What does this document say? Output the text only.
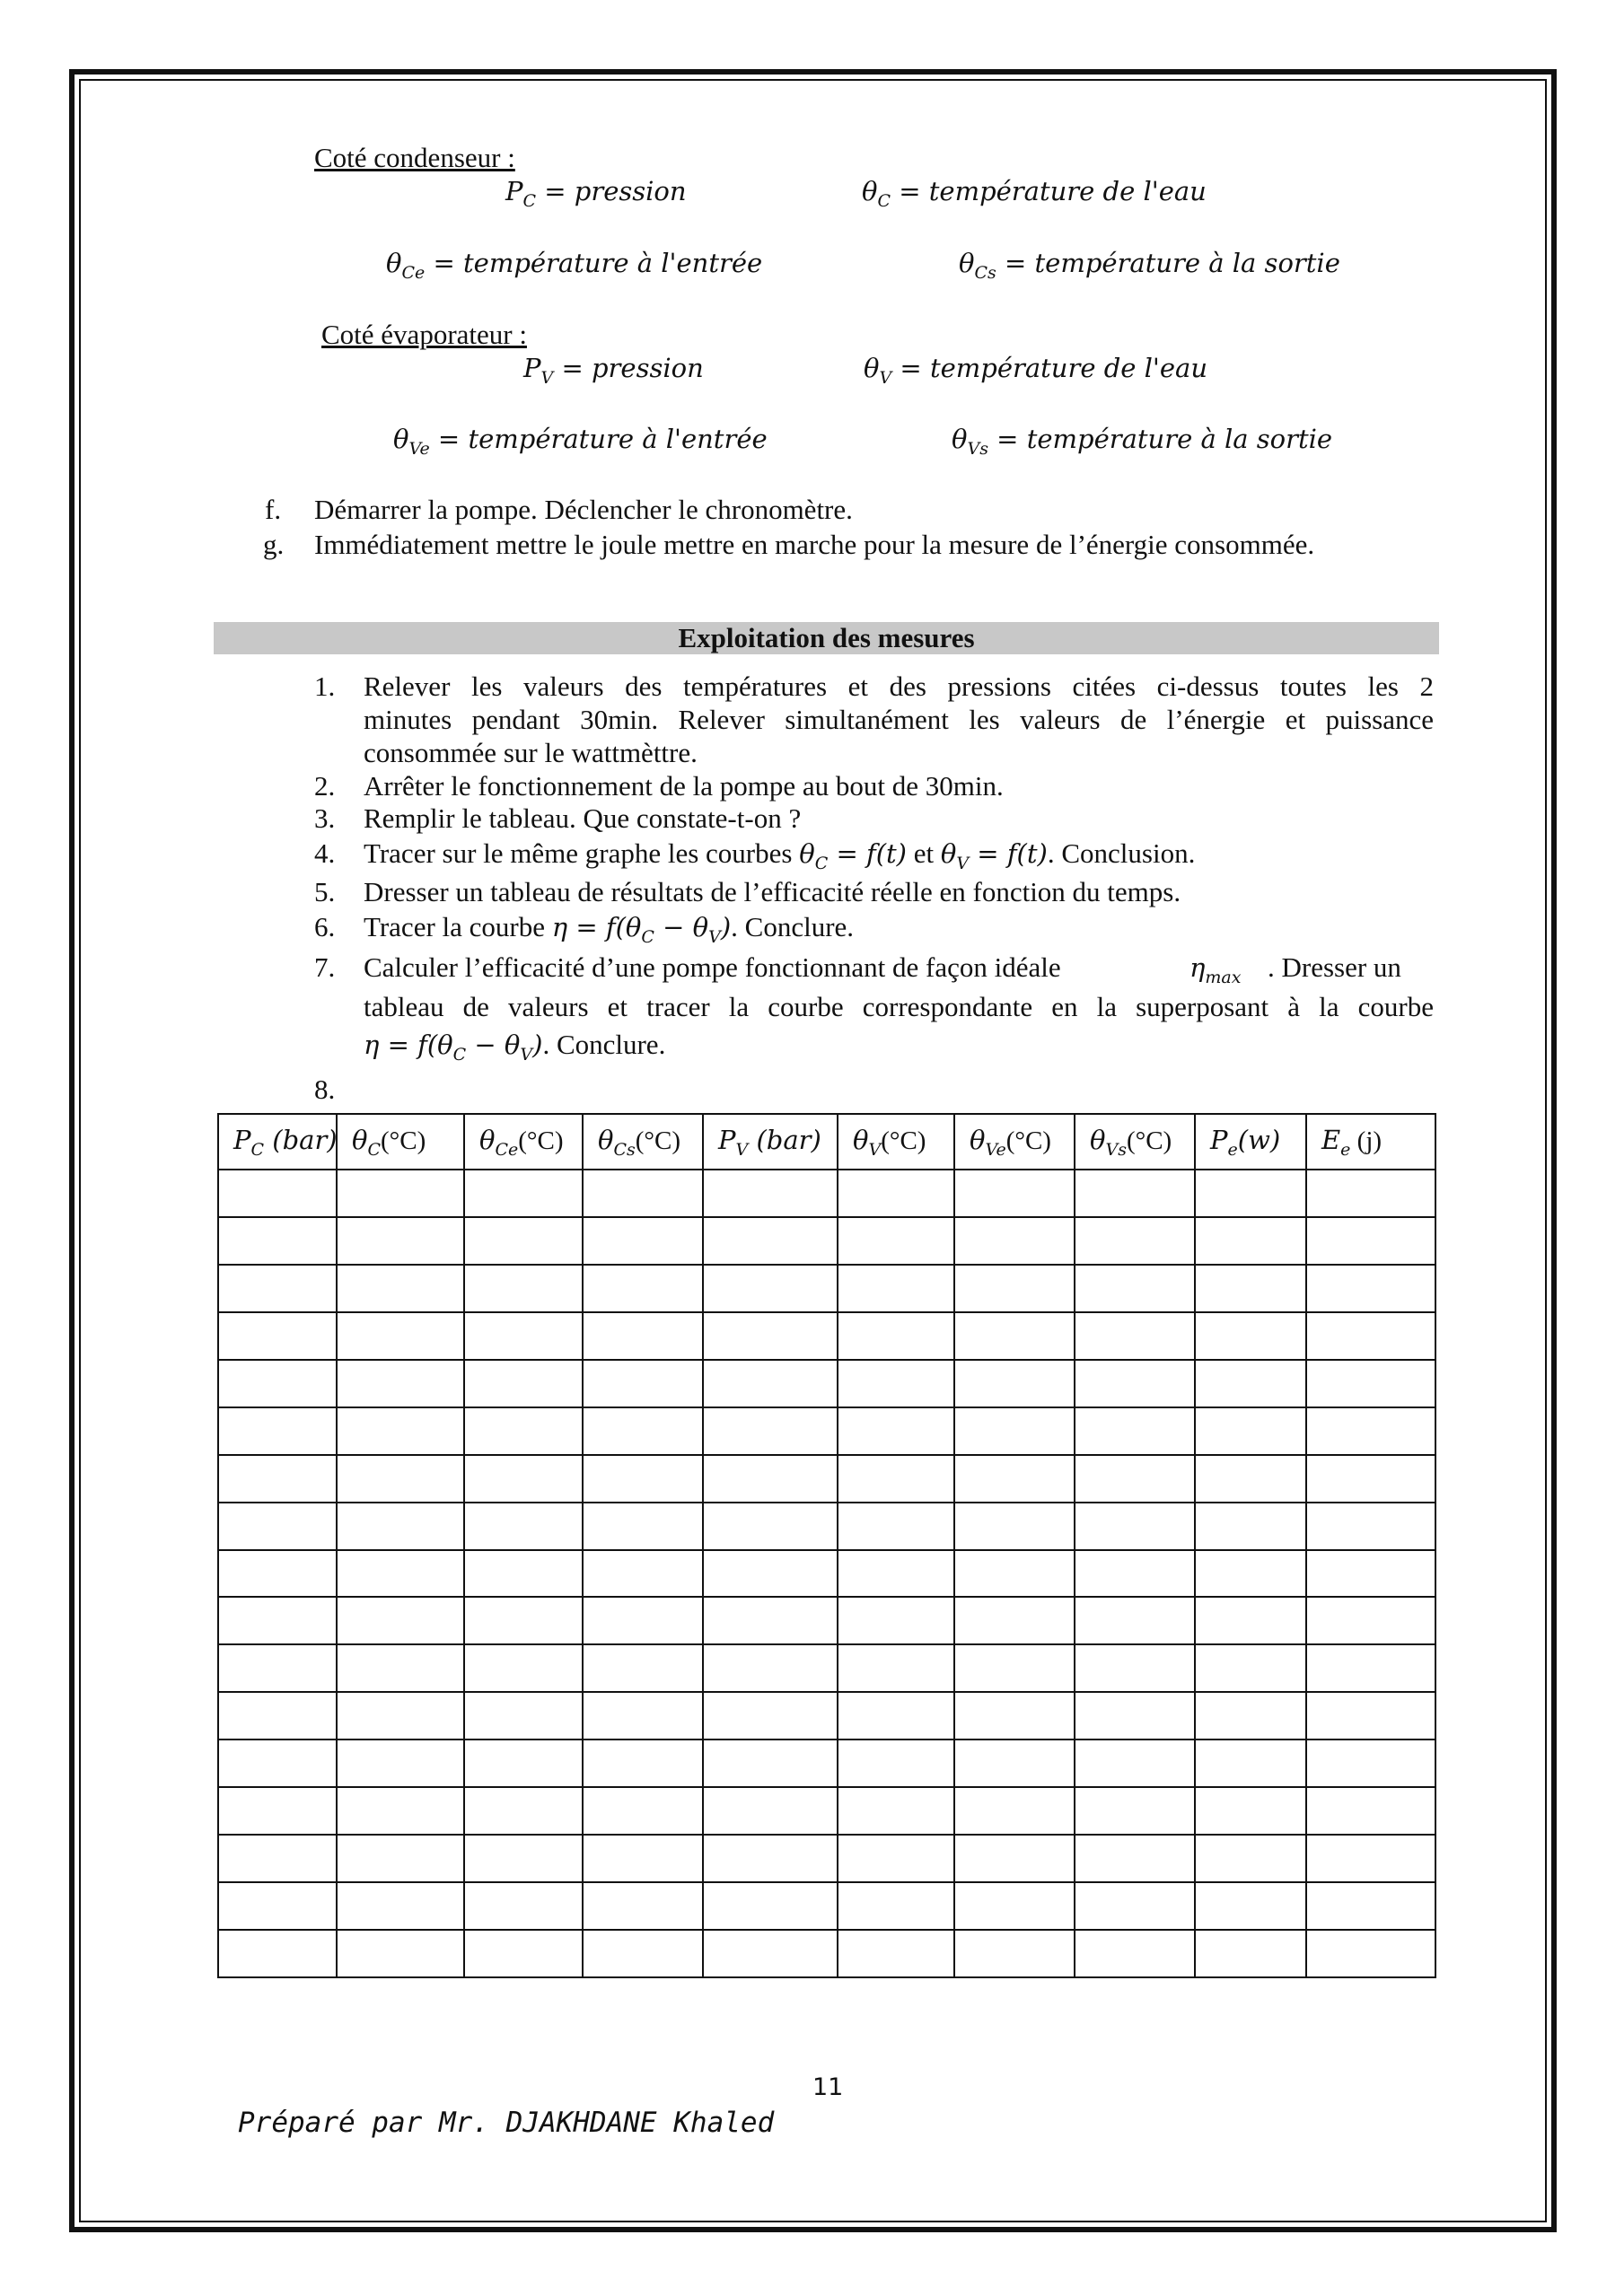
Coté condenseur :
$P_C$ = pression	$\theta_C$ = température de l'eau
$\theta_{Ce}$ = température à l'entrée	$\theta_{Cs}$ = température à la sortie
Coté évaporateur :
$P_V$ = pression	$\theta_V$ = température de l'eau
$\theta_{Ve}$ = température à l'entrée	$\theta_{Vs}$ = température à la sortie
f. Démarrer la pompe. Déclencher le chronomètre.
g. Immédiatement mettre le joule mettre en marche pour la mesure de l’énergie consommée.
Exploitation des mesures
1. Relever les valeurs des températures et des pressions citées ci-dessus toutes les 2
minutes pendant 30min. Relever simultanément les valeurs de l’énergie et puissance
consommée sur le wattmèttre.
2. Arrêter le fonctionnement de la pompe au bout de 30min.
3. Remplir le tableau. Que constate-t-on ?
4. Tracer sur le même graphe les courbes $\theta_C = f(t)$ et $\theta_V = f(t)$. Conclusion.
5. Dresser un tableau de résultats de l’efficacité réelle en fonction du temps.
6. Tracer la courbe $\eta = f(\theta_C - \theta_V)$. Conclure.
7. Calculer l’efficacité d’une pompe fonctionnant de façon idéale	$\eta_{max}$ . Dresser un
tableau de valeurs et tracer la courbe correspondante en la superposant à la courbe
$\eta = f(\theta_C - \theta_V)$. Conclure.
8.
$P_C$ (bar)	$\theta_C(^\circ C)$	$\theta_{Ce}(^\circ C)$	$\theta_{Cs}(^\circ C)$	$P_V$ (bar)	$\theta_V(^\circ C)$	$\theta_{Ve}(^\circ C)$	$\theta_{Vs}(^\circ C)$	$P_e(w)$	$E_e$ (j)

11
Préparé par Mr. DJAKHDANE Khaled
